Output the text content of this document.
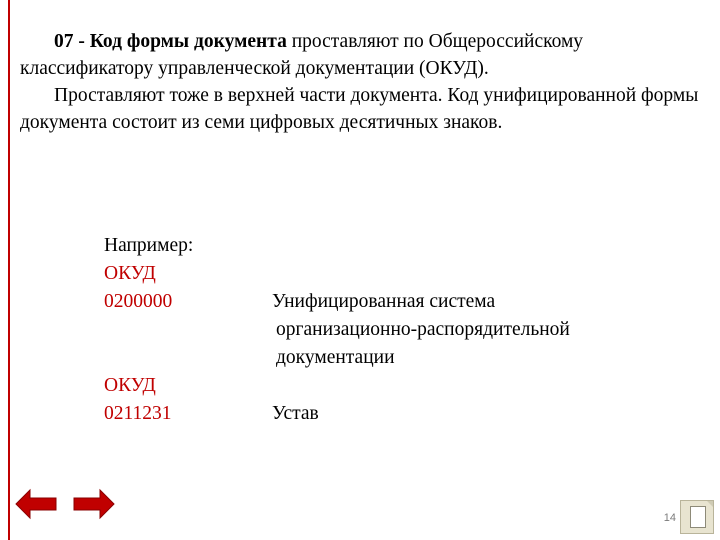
07 - Код формы документа проставляют по Общероссийскому классификатору управленческой документации (ОКУД).

Проставляют тоже в верхней части документа. Код унифицированной формы документа состоит из семи цифровых десятичных знаков.

Например:
ОКУД
0200000	Унифицированная система
организационно-распорядительной
документации
ОКУД
0211231	Устав
14
